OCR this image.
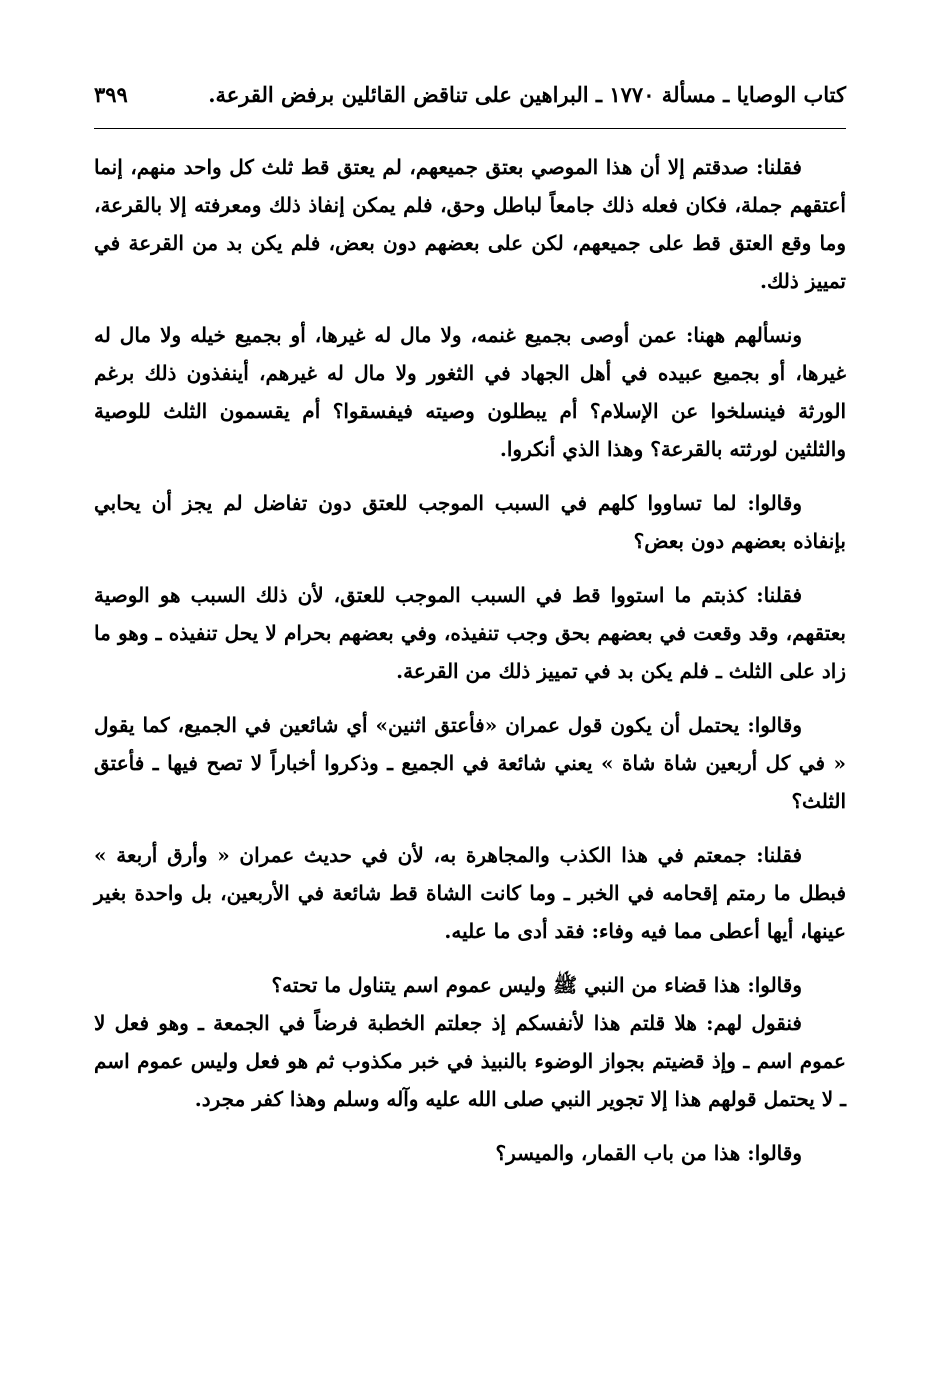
كتاب الوصايا ـ مسألة ١٧٧٠ ـ البراهين على تناقض القائلين برفض القرعة.
٣٩٩

فقلنا: صدقتم إلا أن هذا الموصي بعتق جميعهم، لم يعتق قط ثلث كل واحد منهم، إنما أعتقهم جملة، فكان فعله ذلك جامعاً لباطل وحق، فلم يمكن إنفاذ ذلك ومعرفته إلا بالقرعة، وما وقع العتق قط على جميعهم، لكن على بعضهم دون بعض، فلم يكن بد من القرعة في تمييز ذلك.

ونسألهم ههنا: عمن أوصى بجميع غنمه، ولا مال له غيرها، أو بجميع خيله ولا مال له غيرها، أو بجميع عبيده في أهل الجهاد في الثغور ولا مال له غيرهم، أينفذون ذلك برغم الورثة فينسلخوا عن الإسلام؟ أم يبطلون وصيته فيفسقوا؟ أم يقسمون الثلث للوصية والثلثين لورثته بالقرعة؟ وهذا الذي أنكروا.

وقالوا: لما تساووا كلهم في السبب الموجب للعتق دون تفاضل لم يجز أن يحابي بإنفاذه بعضهم دون بعض؟

فقلنا: كذبتم ما استووا قط في السبب الموجب للعتق، لأن ذلك السبب هو الوصية بعتقهم، وقد وقعت في بعضهم بحق وجب تنفيذه، وفي بعضهم بحرام لا يحل تنفيذه ـ وهو ما زاد على الثلث ـ فلم يكن بد في تمييز ذلك من القرعة.

وقالوا: يحتمل أن يكون قول عمران «فأعتق اثنين» أي شائعين في الجميع، كما يقول « في كل أربعين شاة شاة » يعني شائعة في الجميع ـ وذكروا أخباراً لا تصح فيها ـ فأعتق الثلث؟

فقلنا: جمعتم في هذا الكذب والمجاهرة به، لأن في حديث عمران « وأرق أربعة » فبطل ما رمتم إقحامه في الخبر ـ وما كانت الشاة قط شائعة في الأربعين، بل واحدة بغير عينها، أيها أعطى مما فيه وفاء: فقد أدى ما عليه.

وقالوا: هذا قضاء من النبي ﷺ وليس عموم اسم يتناول ما تحته؟

فنقول لهم: هلا قلتم هذا لأنفسكم إذ جعلتم الخطبة فرضاً في الجمعة ـ وهو فعل لا عموم اسم ـ وإذ قضيتم بجواز الوضوء بالنبيذ في خبر مكذوب ثم هو فعل وليس عموم اسم ـ لا يحتمل قولهم هذا إلا تجوير النبي صلى الله عليه وآله وسلم وهذا كفر مجرد.

وقالوا: هذا من باب القمار، والميسر؟
